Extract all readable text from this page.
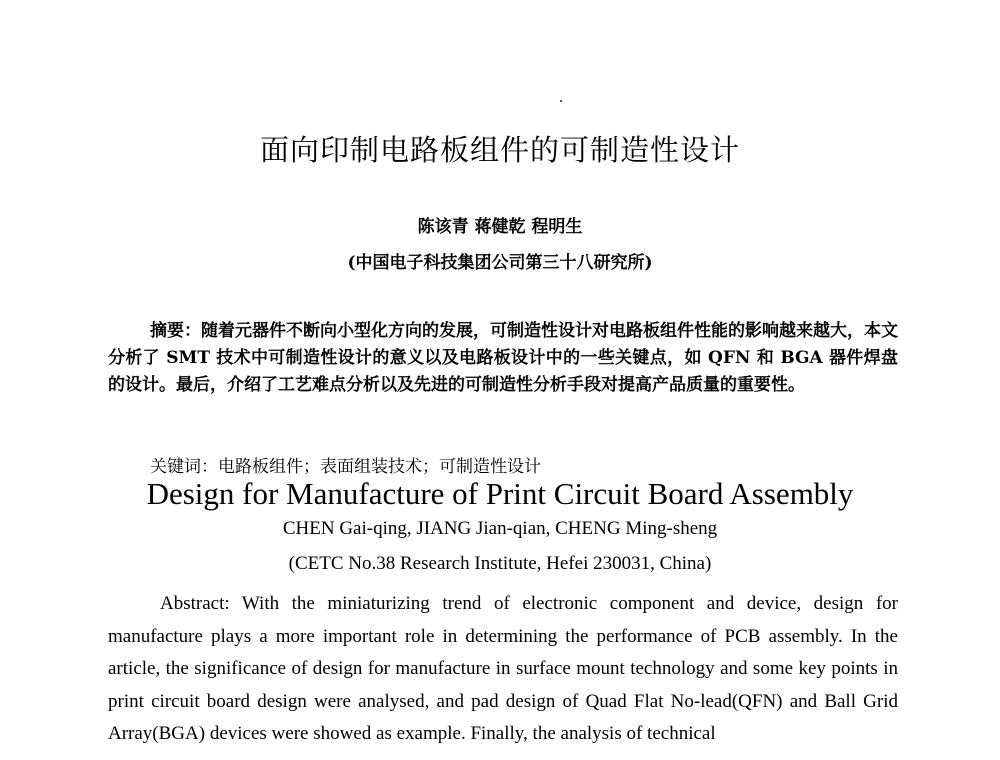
面向印制电路板组件的可制造性设计
陈该青 蒋健乾 程明生
(中国电子科技集团公司第三十八研究所)
摘要：随着元器件不断向小型化方向的发展，可制造性设计对电路板组件性能的影响越来越大，本文分析了 SMT 技术中可制造性设计的意义以及电路板设计中的一些关键点，如 QFN 和 BGA 器件焊盘的设计。最后，介绍了工艺难点分析以及先进的可制造性分析手段对提高产品质量的重要性。
关键词：电路板组件；表面组装技术；可制造性设计
Design for Manufacture of Print Circuit Board Assembly
CHEN Gai-qing, JIANG Jian-qian, CHENG Ming-sheng
(CETC No.38 Research Institute, Hefei 230031, China)
Abstract: With the miniaturizing trend of electronic component and device, design for manufacture plays a more important role in determining the performance of PCB assembly. In the article, the significance of design for manufacture in surface mount technology and some key points in print circuit board design were analysed, and pad design of Quad Flat No-lead(QFN) and Ball Grid Array(BGA) devices were showed as example. Finally, the analysis of technical
